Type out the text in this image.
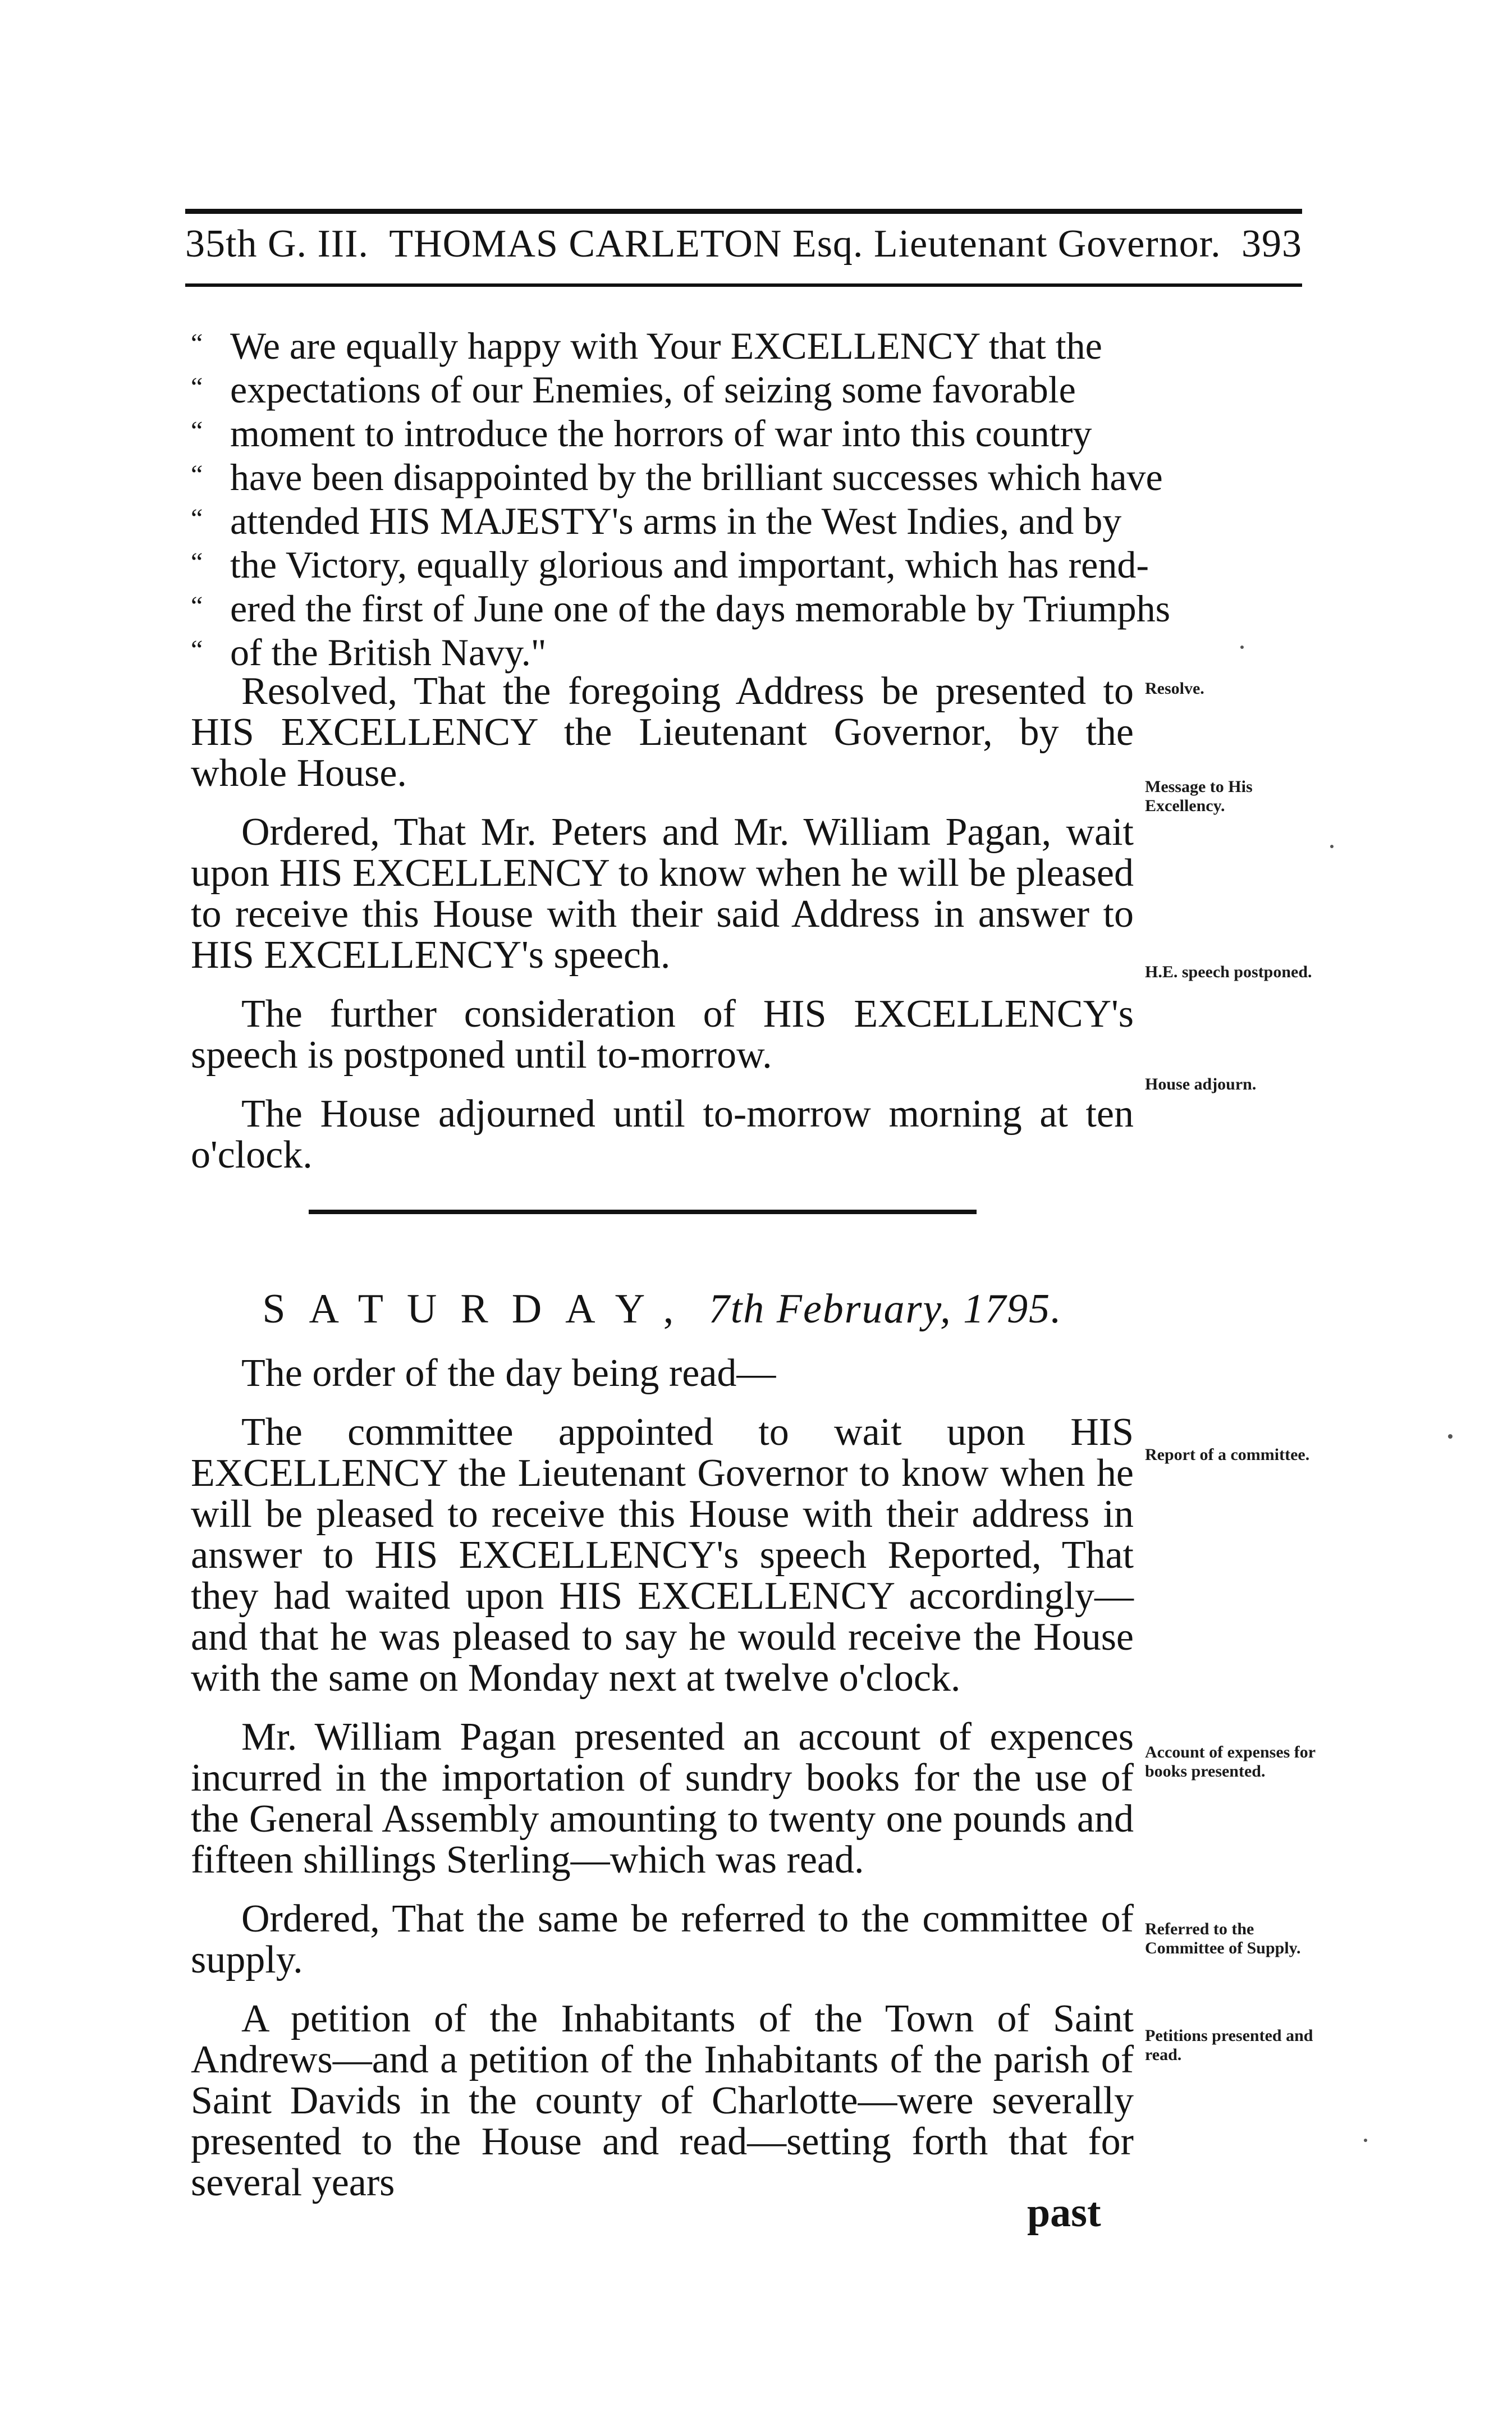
35th G. III. THOMAS CARLETON Esq. Lieutenant Governor. 393
“ We are equally happy with Your EXCELLENCY that the
“ expectations of our Enemies, of seizing some favorable
“ moment to introduce the horrors of war into this country
“ have been disappointed by the brilliant successes which have
“ attended HIS MAJESTY's arms in the West Indies, and by
“ the Victory, equally glorious and important, which has rend-
“ ered the first of June one of the days memorable by Triumphs
“ of the British Navy."

Resolved, That the foregoing Address be presented to HIS EXCELLENCY the Lieutenant Governor, by the whole House.

Ordered, That Mr. Peters and Mr. William Pagan, wait upon HIS EXCELLENCY to know when he will be pleased to receive this House with their said Address in answer to HIS EXCELLENCY's speech.

The further consideration of HIS EXCELLENCY's speech is postponed until to-morrow.

The House adjourned until to-morrow morning at ten o'clock.

Resolve.
Message to His Excellency.
H.E. speech postponed.
House adjourn.
SATURDAY, 7th February, 1795.

The order of the day being read—

The committee appointed to wait upon HIS EXCELLENCY the Lieutenant Governor to know when he will be pleased to receive this House with their address in answer to HIS EXCELLENCY's speech Reported, That they had waited upon HIS EXCELLENCY accordingly—and that he was pleased to say he would receive the House with the same on Monday next at twelve o'clock.

Mr. William Pagan presented an account of expences incurred in the importation of sundry books for the use of the General Assembly amounting to twenty one pounds and fifteen shillings Sterling—which was read.

Ordered, That the same be referred to the committee of supply.

A petition of the Inhabitants of the Town of Saint Andrews—and a petition of the Inhabitants of the parish of Saint Davids in the county of Charlotte—were severally presented to the House and read—setting forth that for several years

Report of a committee.
Account of expenses for books presented.
Referred to the Committee of Supply.
Petitions presented and read.
past
